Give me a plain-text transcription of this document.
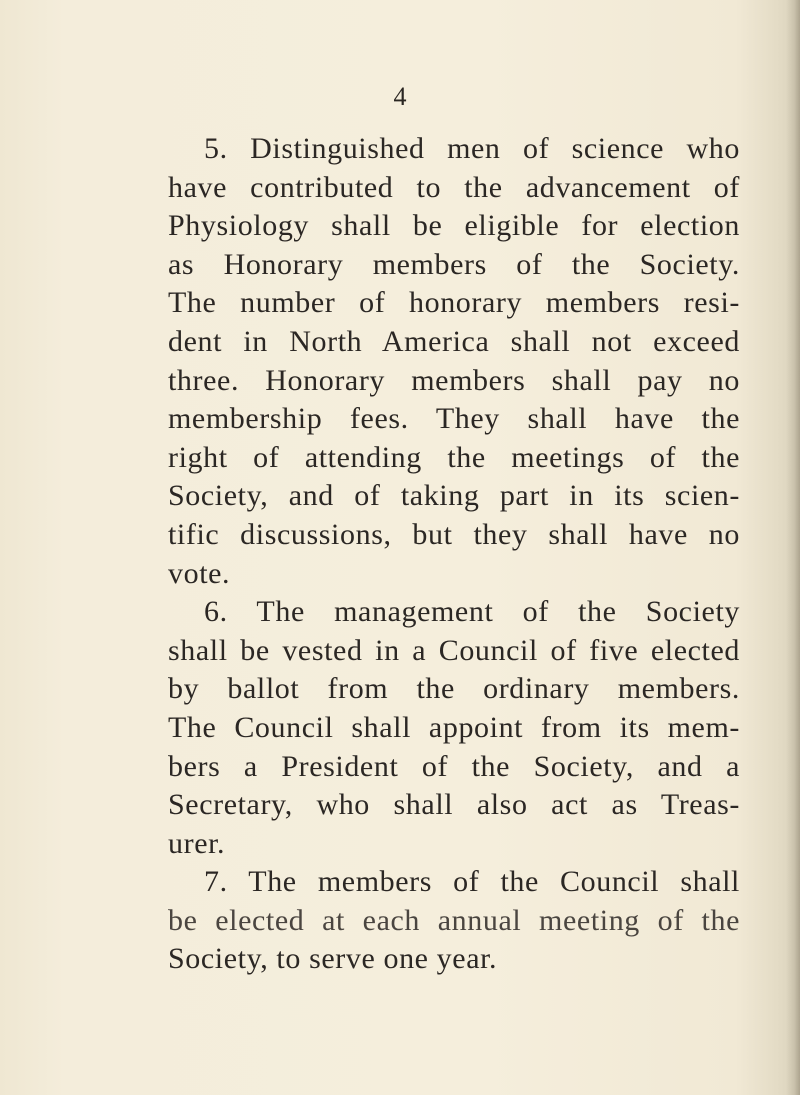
4

5. Distinguished men of science who
have contributed to the advancement of
Physiology shall be eligible for election
as Honorary members of the Society.
The number of honorary members resi-
dent in North America shall not exceed
three. Honorary members shall pay no
membership fees. They shall have the
right of attending the meetings of the
Society, and of taking part in its scien-
tific discussions, but they shall have no
vote.
6. The management of the Society
shall be vested in a Council of five elected
by ballot from the ordinary members.
The Council shall appoint from its mem-
bers a President of the Society, and a
Secretary, who shall also act as Treas-
urer.
7. The members of the Council shall
be elected at each annual meeting of the
Society, to serve one year.
